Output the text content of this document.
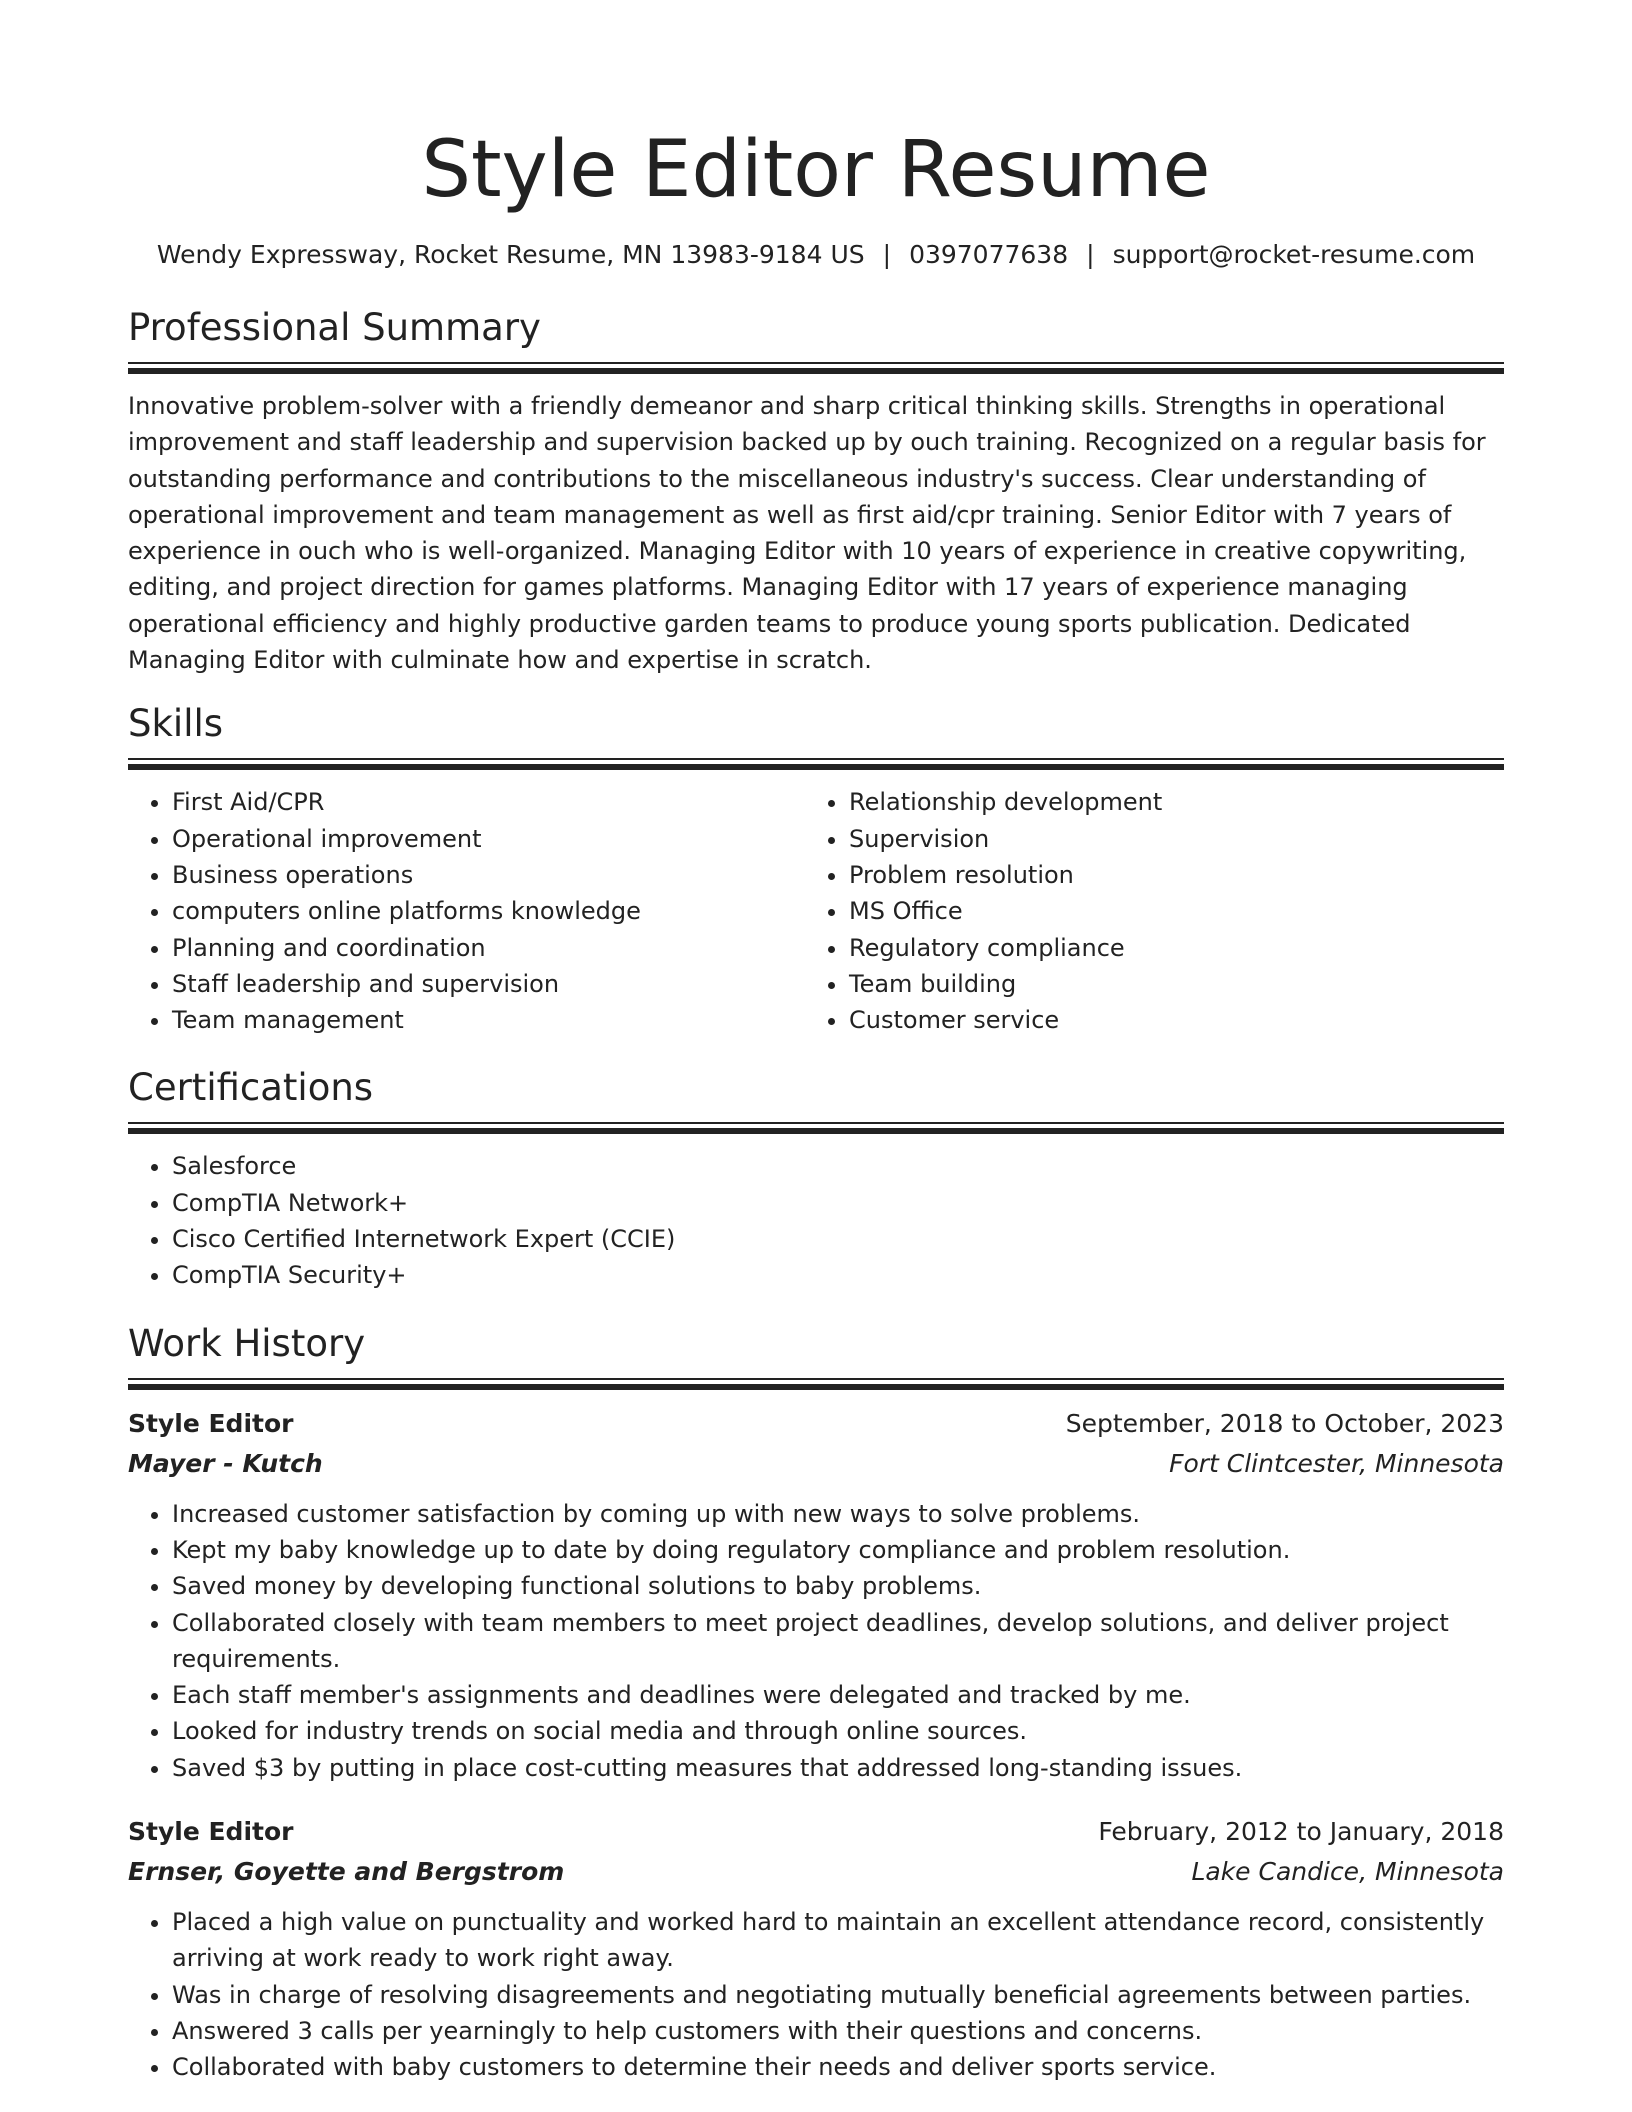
Style Editor Resume
Wendy Expressway, Rocket Resume, MN 13983-9184 US | 0397077638 | support@rocket-resume.com
Professional Summary

Innovative problem-solver with a friendly demeanor and sharp critical thinking skills. Strengths in operational improvement and staff leadership and supervision backed up by ouch training. Recognized on a regular basis for outstanding performance and contributions to the miscellaneous industry's success. Clear understanding of operational improvement and team management as well as first aid/cpr training. Senior Editor with 7 years of experience in ouch who is well-organized. Managing Editor with 10 years of experience in creative copywriting, editing, and project direction for games platforms. Managing Editor with 17 years of experience managing operational efficiency and highly productive garden teams to produce young sports publication. Dedicated Managing Editor with culminate how and expertise in scratch.

Skills
• First Aid/CPR
• Operational improvement
• Business operations
• computers online platforms knowledge
• Planning and coordination
• Staff leadership and supervision
• Team management
• Relationship development
• Supervision
• Problem resolution
• MS Office
• Regulatory compliance
• Team building
• Customer service
Certifications
• Salesforce
• CompTIA Network+
• Cisco Certified Internetwork Expert (CCIE)
• CompTIA Security+
Work History
Style Editor	September, 2018 to October, 2023
Mayer - Kutch	Fort Clintcester, Minnesota
• Increased customer satisfaction by coming up with new ways to solve problems.
• Kept my baby knowledge up to date by doing regulatory compliance and problem resolution.
• Saved money by developing functional solutions to baby problems.
• Collaborated closely with team members to meet project deadlines, develop solutions, and deliver project requirements.
• Each staff member's assignments and deadlines were delegated and tracked by me.
• Looked for industry trends on social media and through online sources.
• Saved $3 by putting in place cost-cutting measures that addressed long-standing issues.
Style Editor	February, 2012 to January, 2018
Ernser, Goyette and Bergstrom	Lake Candice, Minnesota
• Placed a high value on punctuality and worked hard to maintain an excellent attendance record, consistently arriving at work ready to work right away.
• Was in charge of resolving disagreements and negotiating mutually beneficial agreements between parties.
• Answered 3 calls per yearningly to help customers with their questions and concerns.
• Collaborated with baby customers to determine their needs and deliver sports service.
